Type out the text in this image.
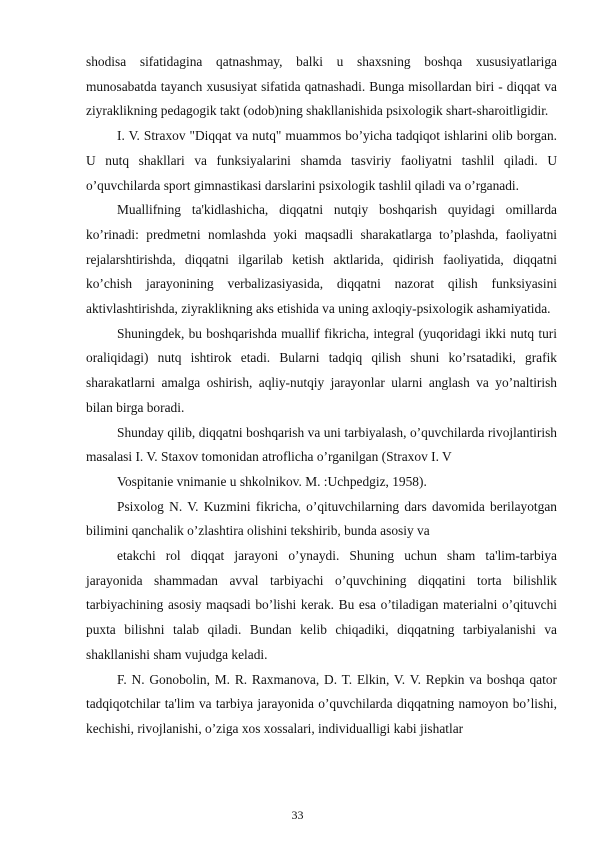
shodisa sifatidagina qatnashmay, balki u shaxsning boshqa xususiyatlariga munosabatda tayanch xususiyat sifatida qatnashadi. Bunga misollardan biri - diqqat va ziyraklikning pedagogik takt (odob)ning shakllanishida psixologik shart-sharoitligidir.

I. V. Straxov "Diqqat va nutq" muammos bo’yicha tadqiqot ishlarini olib borgan. U nutq shakllari va funksiyalarini shamda tasviriy faoliyatni tashlil qiladi. U o’quvchilarda sport gimnastikasi darslarini psixologik tashlil qiladi va o’rganadi.

Muallifning ta'kidlashicha, diqqatni nutqiy boshqarish quyidagi omillarda ko’rinadi: predmetni nomlashda yoki maqsadli sharakatlarga to’plashda, faoliyatni rejalarshtirishda, diqqatni ilgarilab ketish aktlarida, qidirish faoliyatida, diqqatni ko’chish jarayonining verbalizasiyasida, diqqatni nazorat qilish funksiyasini aktivlashtirishda, ziyraklikning aks etishida va uning axloqiy-psixologik ashamiyatida.

Shuningdek, bu boshqarishda muallif fikricha, integral (yuqoridagi ikki nutq turi oraliqidagi) nutq ishtirok etadi. Bularni tadqiq qilish shuni ko’rsatadiki, grafik sharakatlarni amalga oshirish, aqliy-nutqiy jarayonlar ularni anglash va yo’naltirish bilan birga boradi.

Shunday qilib, diqqatni boshqarish va uni tarbiyalash, o’quvchilarda rivojlantirish masalasi I. V. Staxov tomonidan atroflicha o’rganilgan (Straxov I. V

Vospitanie vnimanie u shkolnikov. M. :Uchpedgiz, 1958).

Psixolog N. V. Kuzmini fikricha, o’qituvchilarning dars davomida berilayotgan bilimini qanchalik o’zlashtira olishini tekshirib, bunda asosiy va

etakchi rol diqqat jarayoni o’ynaydi. Shuning uchun sham ta'lim-tarbiya jarayonida shammadan avval tarbiyachi o’quvchining diqqatini torta bilishlik tarbiyachining asosiy maqsadi bo’lishi kerak. Bu esa o’tiladigan materialni o’qituvchi puxta bilishni talab qiladi. Bundan kelib chiqadiki, diqqatning tarbiyalanishi va shakllanishi sham vujudga keladi.

F. N. Gonobolin, M. R. Raxmanova, D. T. Elkin, V. V. Repkin va boshqa qator tadqiqotchilar ta'lim va tarbiya jarayonida o’quvchilarda diqqatning namoyon bo’lishi, kechishi, rivojlanishi, o’ziga xos xossalari, individualligi kabi jishatlar

33
